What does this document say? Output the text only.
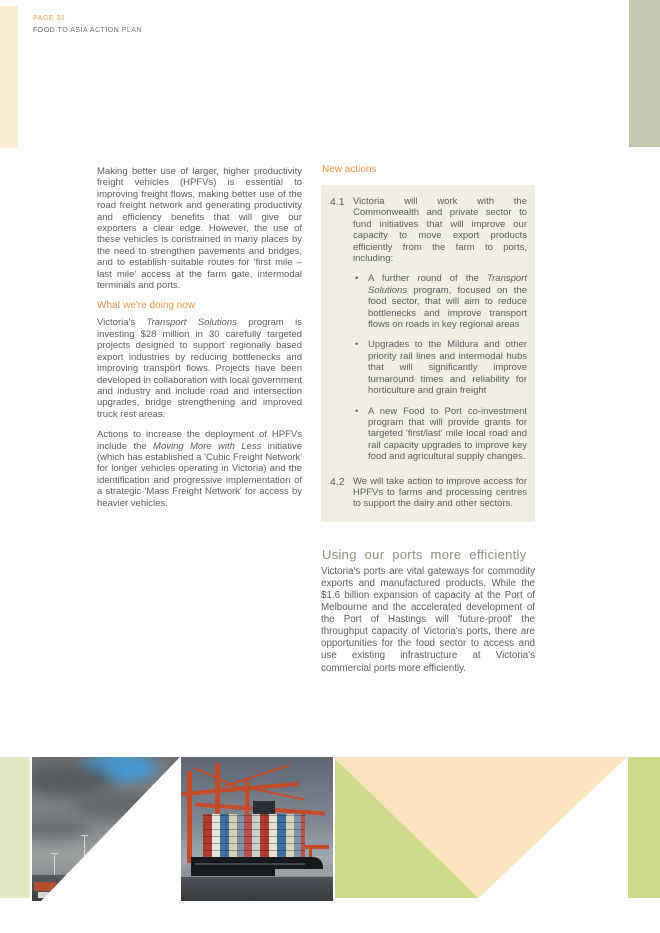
PAGE 32
FOOD TO ASIA ACTION PLAN

Making better use of larger, higher productivity freight vehicles (HPFVs) is essential to improving freight flows, making better use of the road freight network and generating productivity and efficiency benefits that will give our exporters a clear edge. However, the use of these vehicles is constrained in many places by the need to strengthen pavements and bridges, and to establish suitable routes for 'first mile – last mile' access at the farm gate, intermodal terminals and ports.

What we're doing now

Victoria's Transport Solutions program is investing $28 million in 30 carefully targeted projects designed to support regionally based export industries by reducing bottlenecks and improving transport flows. Projects have been developed in collaboration with local government and industry and include road and intersection upgrades, bridge strengthening and improved truck rest areas.

Actions to increase the deployment of HPFVs include the Moving More with Less initiative (which has established a 'Cubic Freight Network' for longer vehicles operating in Victoria) and the identification and progressive implementation of a strategic 'Mass Freight Network' for access by heavier vehicles.

New actions
4.1 Victoria will work with the Commonwealth and private sector to fund initiatives that will improve our capacity to move export products efficiently from the farm to ports, including:
•	A further round of the Transport Solutions program, focused on the food sector, that will aim to reduce bottlenecks and improve transport flows on roads in key regional areas
•	Upgrades to the Mildura and other priority rail lines and intermodal hubs that will significantly improve turnaround times and reliability for horticulture and grain freight
•	A new Food to Port co-investment program that will provide grants for targeted 'first/last' mile local road and rail capacity upgrades to improve key food and agricultural supply changes.
4.2 We will take action to improve access for HPFVs to farms and processing centres to support the dairy and other sectors.
Using our ports more efficiently

Victoria's ports are vital gateways for commodity exports and manufactured products. While the $1.6 billion expansion of capacity at the Port of Melbourne and the accelerated development of the Port of Hastings will 'future-proof' the throughput capacity of Victoria's ports, there are opportunities for the food sector to access and use existing infrastructure at Victoria's commercial ports more efficiently.
